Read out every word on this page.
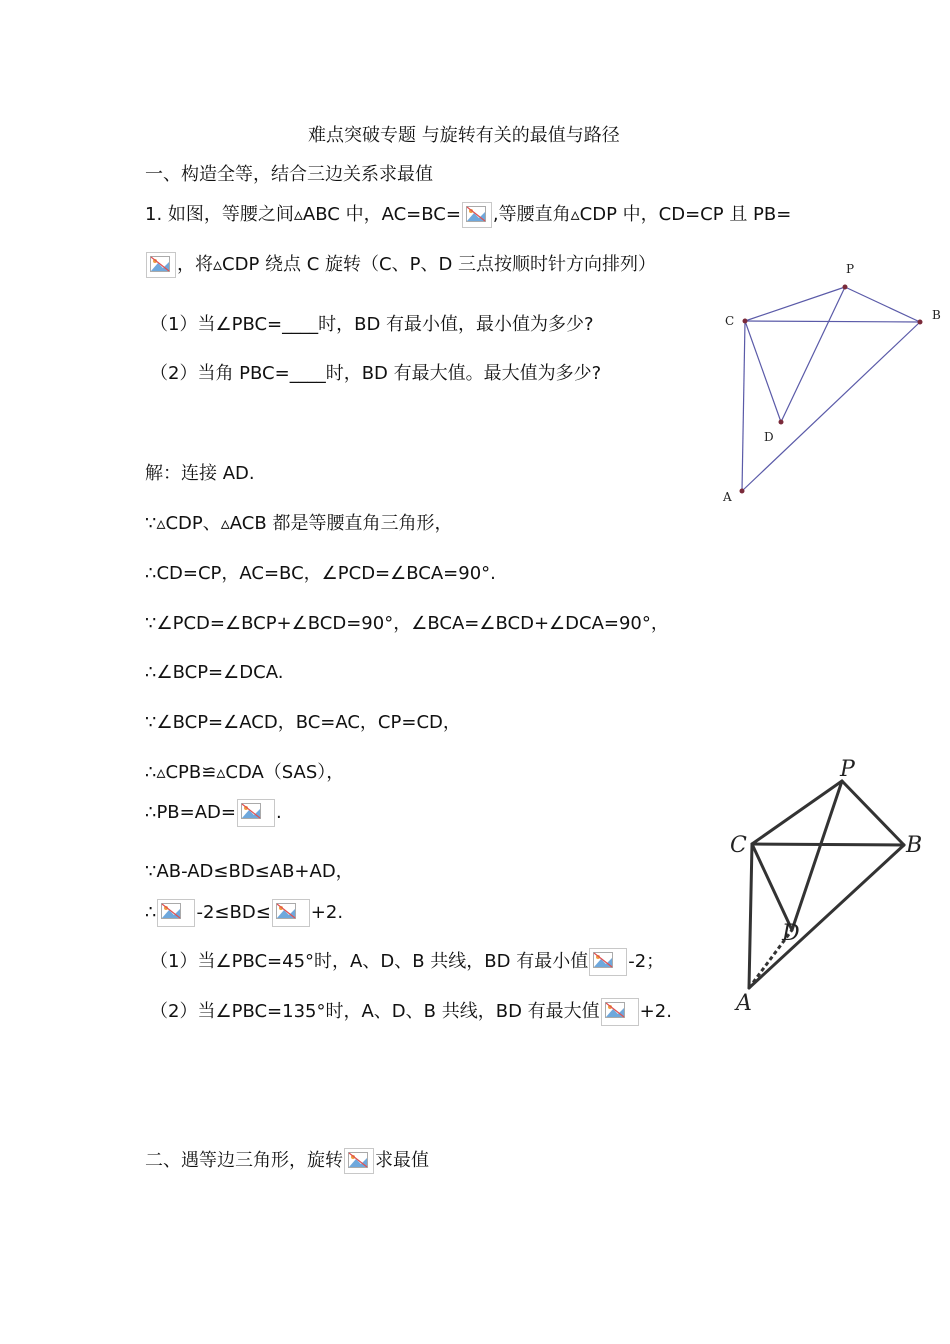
难点突破专题 与旋转有关的最值与路径
一、构造全等，结合三边关系求最值
1. 如图，等腰之间▵ABC 中，AC=BC= ,等腰直角▵CDP 中，CD=CP 且 PB=
，将▵CDP 绕点 C 旋转（C、P、D 三点按顺时针方向排列）
（1）当∠PBC=____时，BD 有最小值，最小值为多少?
（2）当角 PBC=____时，BD 有最大值。最大值为多少?
解：连接 AD.
∵▵CDP、▵ACB 都是等腰直角三角形，
∴CD=CP，AC=BC，∠PCD=∠BCA=90°.
∵∠PCD=∠BCP+∠BCD=90°，∠BCA=∠BCD+∠DCA=90°，
∴∠BCP=∠DCA.
∵∠BCP=∠ACD，BC=AC，CP=CD，
∴▵CPB≌▵CDA（SAS），
∴PB=AD= .
∵AB-AD≤BD≤AB+AD，
∴ -2≤BD≤ +2.
（1）当∠PBC=45°时，A、D、B 共线，BD 有最小值 -2；
（2）当∠PBC=135°时，A、D、B 共线，BD 有最大值 +2.
二、遇等边三角形，旋转 求最值
P
C	B
D
A
P
C	B
D
A
